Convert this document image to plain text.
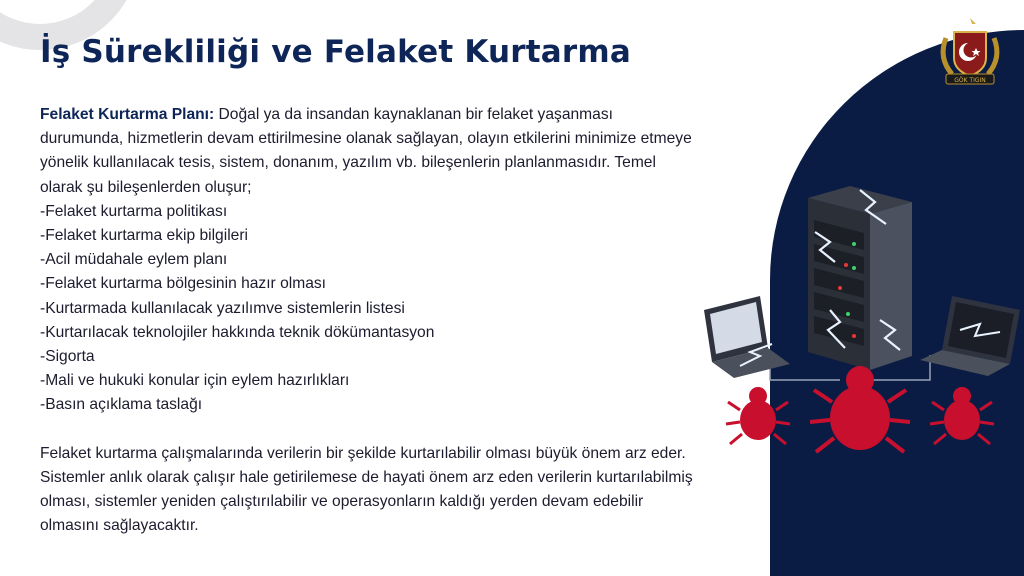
İş Sürekliliği ve Felaket Kurtarma

Felaket Kurtarma Planı: Doğal ya da insandan kaynaklanan bir felaket yaşanması durumunda, hizmetlerin devam ettirilmesine olanak sağlayan, olayın etkilerini minimize etmeye yönelik kullanılacak tesis, sistem, donanım, yazılım vb. bileşenlerin planlanmasıdır. Temel olarak şu bileşenlerden oluşur;

-Felaket kurtarma politikası
-Felaket kurtarma ekip bilgileri
-Acil müdahale eylem planı
-Felaket kurtarma bölgesinin hazır olması
-Kurtarmada kullanılacak yazılımve sistemlerin listesi
-Kurtarılacak teknolojiler hakkında teknik dökümantasyon
-Sigorta
-Mali ve hukuki konular için eylem hazırlıkları
-Basın açıklama taslağı

Felaket kurtarma çalışmalarında verilerin bir şekilde kurtarılabilir olması büyük önem arz eder. Sistemler anlık olarak çalışır hale getirilemese de hayati önem arz eden verilerin kurtarılabilmiş olması, sistemler yeniden çalıştırılabilir ve operasyonların kaldığı yerden devam edebilir olmasını sağlayacaktır.

GÖK TIGIN
